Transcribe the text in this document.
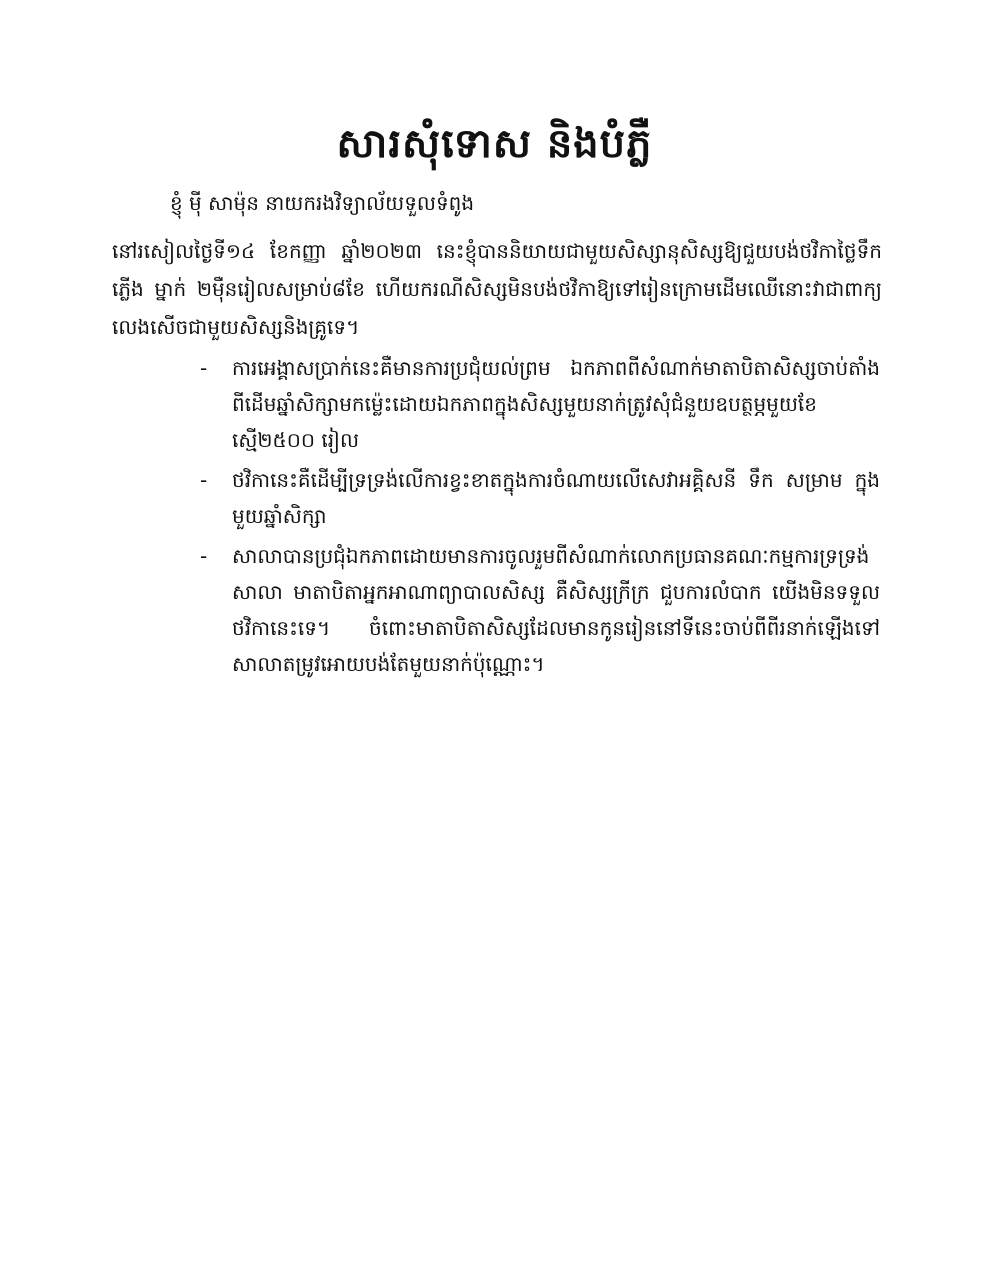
សារសុំទោស និងបំភ្លឺ
ខ្ញុំ ម៉ី សាម៉ុន នាយករងវិទ្យាល័យទួលទំពូង
នៅរសៀលថ្ងៃទី១៤ ខែកញ្ញា ឆ្នាំ២០២៣ នេះខ្ញុំបាននិយាយជាមួយសិស្សានុសិស្សឱ្យជួយបង់ថវិកាថ្លៃទឹកភ្លើង ម្នាក់ ២ម៉ឺនរៀលសម្រាប់៨ខែ ហើយករណីសិស្សមិនបង់ថវិកាឱ្យទៅរៀនក្រោមដើមឈើនោះវាជាពាក្យលេងសើចជាមួយសិស្សនិងគ្រូទេ។
-	ការអេង្គាសប្រាក់នេះគឺមានការប្រជុំយល់ព្រម ឯកភាពពីសំណាក់មាតាបិតាសិស្សចាប់តាំងពីដើមឆ្នាំសិក្សាមកម្ល៉េះដោយឯកភាពក្នុងសិស្សមួយនាក់ត្រូវសុំជំនួយឧបត្ថម្ភមួយខែស្មើ២៥០០ រៀល
-	ថវិកានេះគឺដើម្បីទ្រទ្រង់លើការខ្វះខាតក្នុងការចំណាយលើសេវាអគ្គិសនី ទឹក សម្រាម ក្នុងមួយឆ្នាំសិក្សា
-	សាលាបានប្រជុំឯកភាពដោយមានការចូលរួមពីសំណាក់លោកប្រធានគណៈកម្មការទ្រទ្រង់សាលា មាតាបិតាអ្នកអាណាព្យាបាលសិស្ស គឺសិស្សក្រីក្រ ជួបការលំបាក យើងមិនទទួលថវិកានេះទេ។ ចំពោះមាតាបិតាសិស្សដែលមានកូនរៀននៅទីនេះចាប់ពីពីរនាក់ឡើងទៅ សាលាតម្រូវអោយបង់តែមួយនាក់ប៉ុណ្ណោះ។
